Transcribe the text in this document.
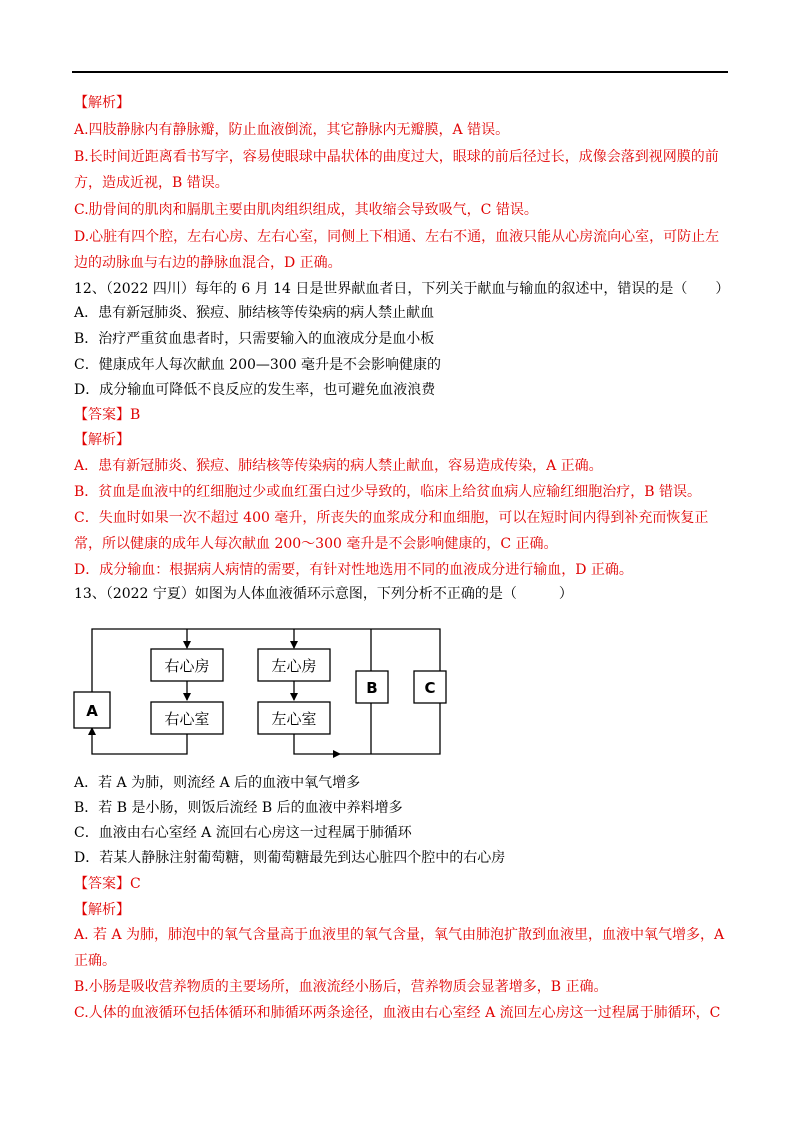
【解析】
A.四肢静脉内有静脉瓣，防止血液倒流，其它静脉内无瓣膜，A 错误。
B.长时间近距离看书写字，容易使眼球中晶状体的曲度过大，眼球的前后径过长，成像会落到视网膜的前
方，造成近视，B 错误。
C.肋骨间的肌肉和膈肌主要由肌肉组织组成，其收缩会导致吸气，C 错误。
D.心脏有四个腔，左右心房、左右心室，同侧上下相通、左右不通，血液只能从心房流向心室，可防止左
边的动脉血与右边的静脉血混合，D 正确。
12、（2022 四川）每年的 6 月 14 日是世界献血者日，下列关于献血与输血的叙述中，错误的是（　　）
A．患有新冠肺炎、猴痘、肺结核等传染病的病人禁止献血
B．治疗严重贫血患者时，只需要输入的血液成分是血小板
C．健康成年人每次献血 200—300 毫升是不会影响健康的
D．成分输血可降低不良反应的发生率，也可避免血液浪费
【答案】B
【解析】
A．患有新冠肺炎、猴痘、肺结核等传染病的病人禁止献血，容易造成传染，A 正确。
B．贫血是血液中的红细胞过少或血红蛋白过少导致的，临床上给贫血病人应输红细胞治疗，B 错误。
C．失血时如果一次不超过 400 毫升，所丧失的血浆成分和血细胞，可以在短时间内得到补充而恢复正
常，所以健康的成年人每次献血 200～300 毫升是不会影响健康的，C 正确。
D．成分输血：根据病人病情的需要，有针对性地选用不同的血液成分进行输血，D 正确。
13、（2022 宁夏）如图为人体血液循环示意图，下列分析不正确的是（　　　）
右心房	左心房
右心室	左心室
A
B	C
A．若 A 为肺，则流经 A 后的血液中氧气增多
B．若 B 是小肠，则饭后流经 B 后的血液中养料增多
C．血液由右心室经 A 流回右心房这一过程属于肺循环
D．若某人静脉注射葡萄糖，则葡萄糖最先到达心脏四个腔中的右心房
【答案】C
【解析】
A. 若 A 为肺，肺泡中的氧气含量高于血液里的氧气含量，氧气由肺泡扩散到血液里，血液中氧气增多，A
正确。
B.小肠是吸收营养物质的主要场所，血液流经小肠后，营养物质会显著增多，B 正确。
C.人体的血液循环包括体循环和肺循环两条途径，血液由右心室经 A 流回左心房这一过程属于肺循环，C
